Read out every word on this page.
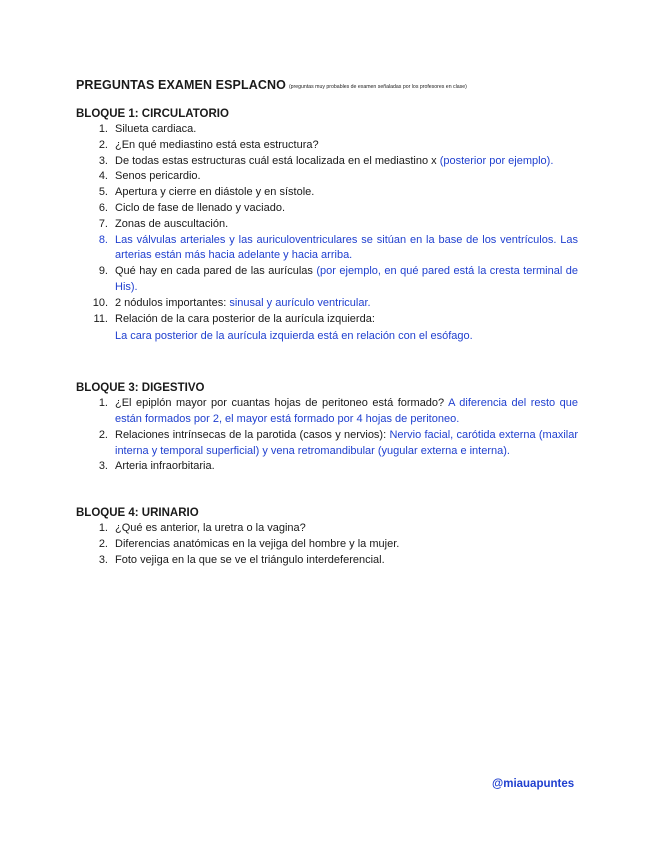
PREGUNTAS EXAMEN ESPLACNO (preguntas muy probables de examen señaladas por los profesores en clase)
BLOQUE 1: CIRCULATORIO
1. Silueta cardiaca.
2. ¿En qué mediastino está esta estructura?
3. De todas estas estructuras cuál está localizada en el mediastino x (posterior por ejemplo).
4. Senos pericardio.
5. Apertura y cierre en diástole y en sístole.
6. Ciclo de fase de llenado y vaciado.
7. Zonas de auscultación.
8. Las válvulas arteriales y las auriculoventriculares se sitúan en la base de los ventrículos. Las arterias están más hacia adelante y hacia arriba.
9. Qué hay en cada pared de las aurículas (por ejemplo, en qué pared está la cresta terminal de His).
10. 2 nódulos importantes: sinusal y aurículo ventricular.
11. Relación de la cara posterior de la aurícula izquierda:
La cara posterior de la aurícula izquierda está en relación con el esófago.
BLOQUE 3: DIGESTIVO
1. ¿El epiplón mayor por cuantas hojas de peritoneo está formado? A diferencia del resto que están formados por 2, el mayor está formado por 4 hojas de peritoneo.
2. Relaciones intrínsecas de la parotida (casos y nervios): Nervio facial, carótida externa (maxilar interna y temporal superficial) y vena retromandibular (yugular externa e interna).
3. Arteria infraorbitaria.
BLOQUE 4: URINARIO
1. ¿Qué es anterior, la uretra o la vagina?
2. Diferencias anatómicas en la vejiga del hombre y la mujer.
3. Foto vejiga en la que se ve el triángulo interdeferencial.
@miauapuntes
